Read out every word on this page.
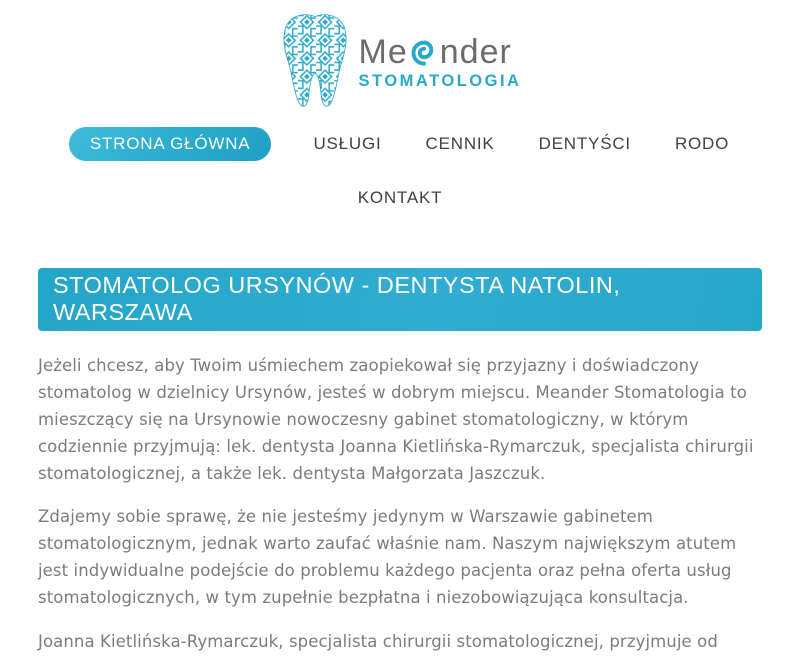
Me nder
STOMATOLOGIA
STRONA GŁÓWNA	USŁUGI	CENNIK	DENTYŚCI	RODO
KONTAKT
STOMATOLOG URSYNÓW - DENTYSTA NATOLIN, WARSZAWA

Jeżeli chcesz, aby Twoim uśmiechem zaopiekował się przyjazny i doświadczony stomatolog w dzielnicy Ursynów, jesteś w dobrym miejscu. Meander Stomatologia to mieszczący się na Ursynowie nowoczesny gabinet stomatologiczny, w którym codziennie przyjmują: lek. dentysta Joanna Kietlińska-Rymarczuk, specjalista chirurgii stomatologicznej, a także lek. dentysta Małgorzata Jaszczuk.

Zdajemy sobie sprawę, że nie jesteśmy jedynym w Warszawie gabinetem stomatologicznym, jednak warto zaufać właśnie nam. Naszym największym atutem jest indywidualne podejście do problemu każdego pacjenta oraz pełna oferta usług stomatologicznych, w tym zupełnie bezpłatna i niezobowiązująca konsultacja.

Joanna Kietlińska-Rymarczuk, specjalista chirurgii stomatologicznej, przyjmuje od
